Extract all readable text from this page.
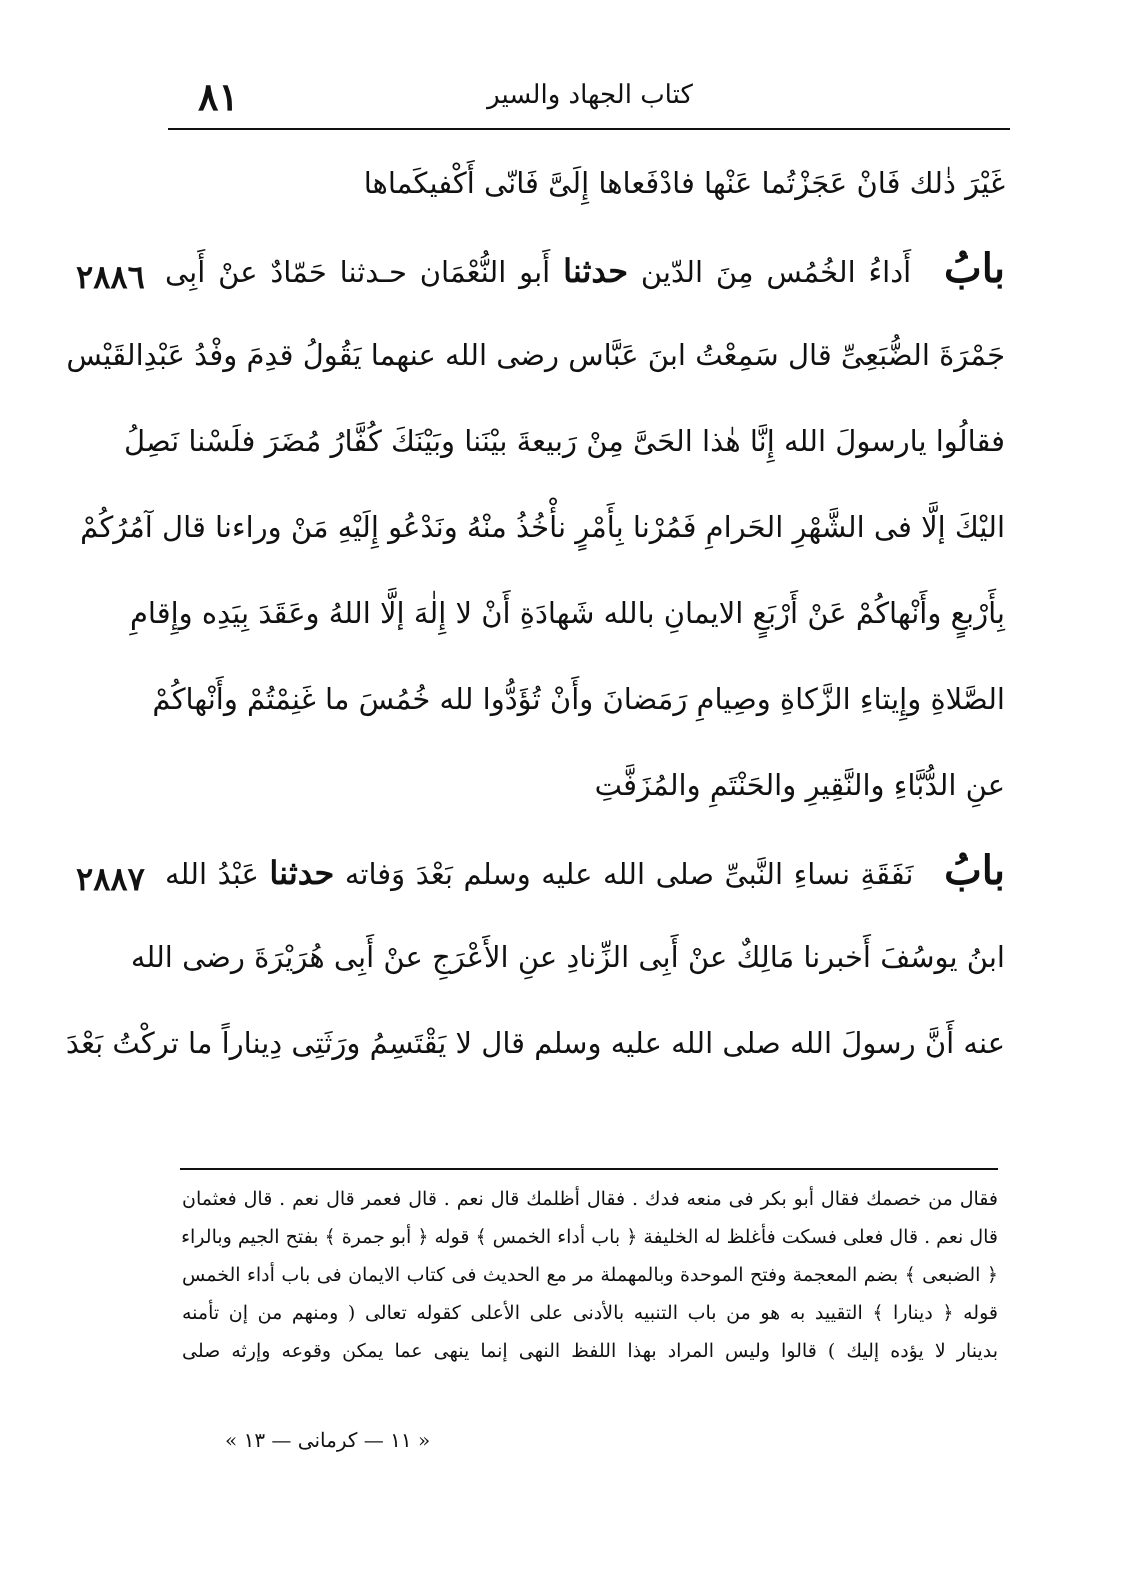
كتاب الجهاد والسير
٨١
٢٨٨٦
٢٨٨٧
غَيْرَ ذٰلك فَانْ عَجَزْتُما عَنْها فادْفَعاها إِلَىَّ فَانّى أَكْفيكَماها
بابُ أَداءُ الخُمُس مِنَ الدّين حدثنا أَبو النُّعْمَان حـدثنا حَمّادٌ عنْ أَبِى
جَمْرَةَ الضُّبَعِىِّ قال سَمِعْتُ ابنَ عَبَّاس رضى الله عنهما يَقُولُ قدِمَ وفْدُ عَبْدِالقَيْس
فقالُوا يارسولَ الله إِنَّا هٰذا الحَىَّ مِنْ رَبيعةَ بيْنَنا وبَيْنَكَ كُفَّارُ مُضَرَ فلَسْنا نَصِلُ
اليْكَ إلَّا فى الشَّهْرِ الحَرامِ فَمُرْنا بِأَمْرٍ نأْخُذُ منْهُ ونَدْعُو إِلَيْهِ مَنْ وراءنا قال آمُرُكُمْ
بِأَرْبعٍ وأَنْهاكُمْ عَنْ أَرْبَعٍ الايمانِ بالله شَهادَةِ أَنْ لا إِلٰهَ إلَّا اللهُ وعَقَدَ بِيَدِه وإِقامِ
الصَّلاةِ وإِيتاءِ الزَّكاةِ وصِيامِ رَمَضانَ وأَنْ تُؤَدُّوا لله خُمُسَ ما غَنِمْتُمْ وأَنْهاكُمْ
عنِ الدُّبَّاءِ والنَّقِيرِ والحَنْتَمِ والمُزَفَّتِ
بابُ نَفَقَةِ نساءِ النَّبىِّ صلى الله عليه وسلم بَعْدَ وَفاته حدثنا عَبْدُ الله
ابنُ يوسُفَ أَخبرنا مَالِكٌ عنْ أَبِى الزِّنادِ عنِ الأَعْرَجِ عنْ أَبِى هُرَيْرَةَ رضى الله
عنه أَنَّ رسولَ الله صلى الله عليه وسلم قال لا يَقْتَسِمُ ورَثَتِى دِيناراً ما تركْتُ بَعْدَ
فقال من خصمك فقال أبو بكر فى منعه فدك . فقال أظلمك قال نعم . قال فعمر قال نعم . قال فعثمان
قال نعم . قال فعلى فسكت فأغلظ له الخليفة ﴿ باب أداء الخمس ﴾ قوله ﴿ أبو جمرة ﴾ بفتح الجيم وبالراء
﴿ الضبعى ﴾ بضم المعجمة وفتح الموحدة وبالمهملة مر مع الحديث فى كتاب الايمان فى باب أداء الخمس
قوله ﴿ دينارا ﴾ التقييد به هو من باب التنبيه بالأدنى على الأعلى كقوله تعالى ( ومنهم من إن تأمنه
بدينار لا يؤده إليك ) قالوا وليس المراد بهذا اللفظ النهى إنما ينهى عما يمكن وقوعه وإرثه صلى
« ١١ — كرمانى — ١٣ »
